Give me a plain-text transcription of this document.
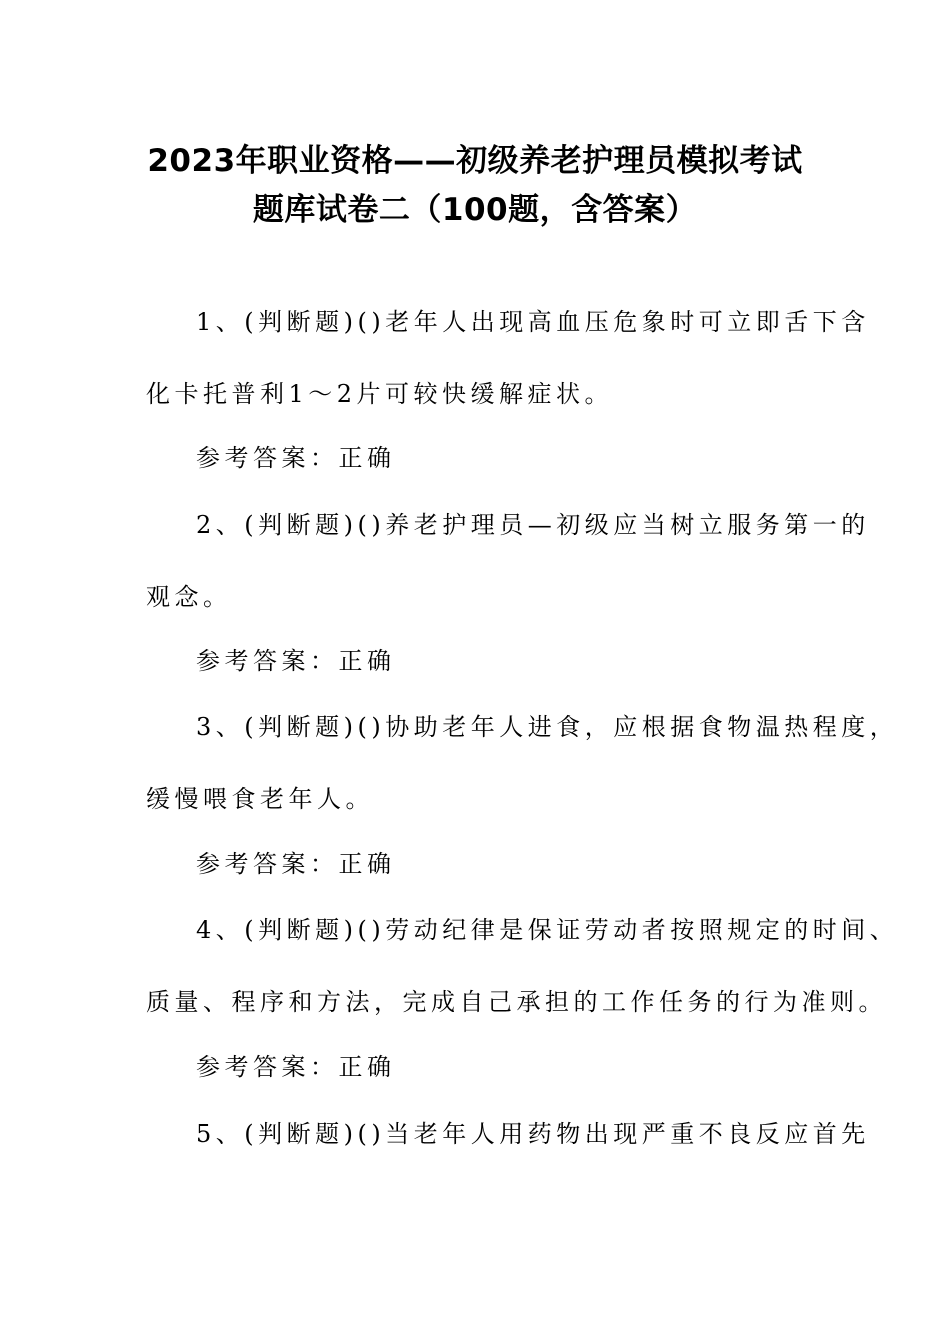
2023年职业资格——初级养老护理员模拟考试
题库试卷二（100题，含答案）
1、(判断题)()老年人出现高血压危象时可立即舌下含
化卡托普利1～2片可较快缓解症状。
参考答案：正确
2、(判断题)()养老护理员—初级应当树立服务第一的
观念。
参考答案：正确
3、(判断题)()协助老年人进食，应根据食物温热程度，
缓慢喂食老年人。
参考答案：正确
4、(判断题)()劳动纪律是保证劳动者按照规定的时间、
质量、程序和方法，完成自己承担的工作任务的行为准则。
参考答案：正确
5、(判断题)()当老年人用药物出现严重不良反应首先
